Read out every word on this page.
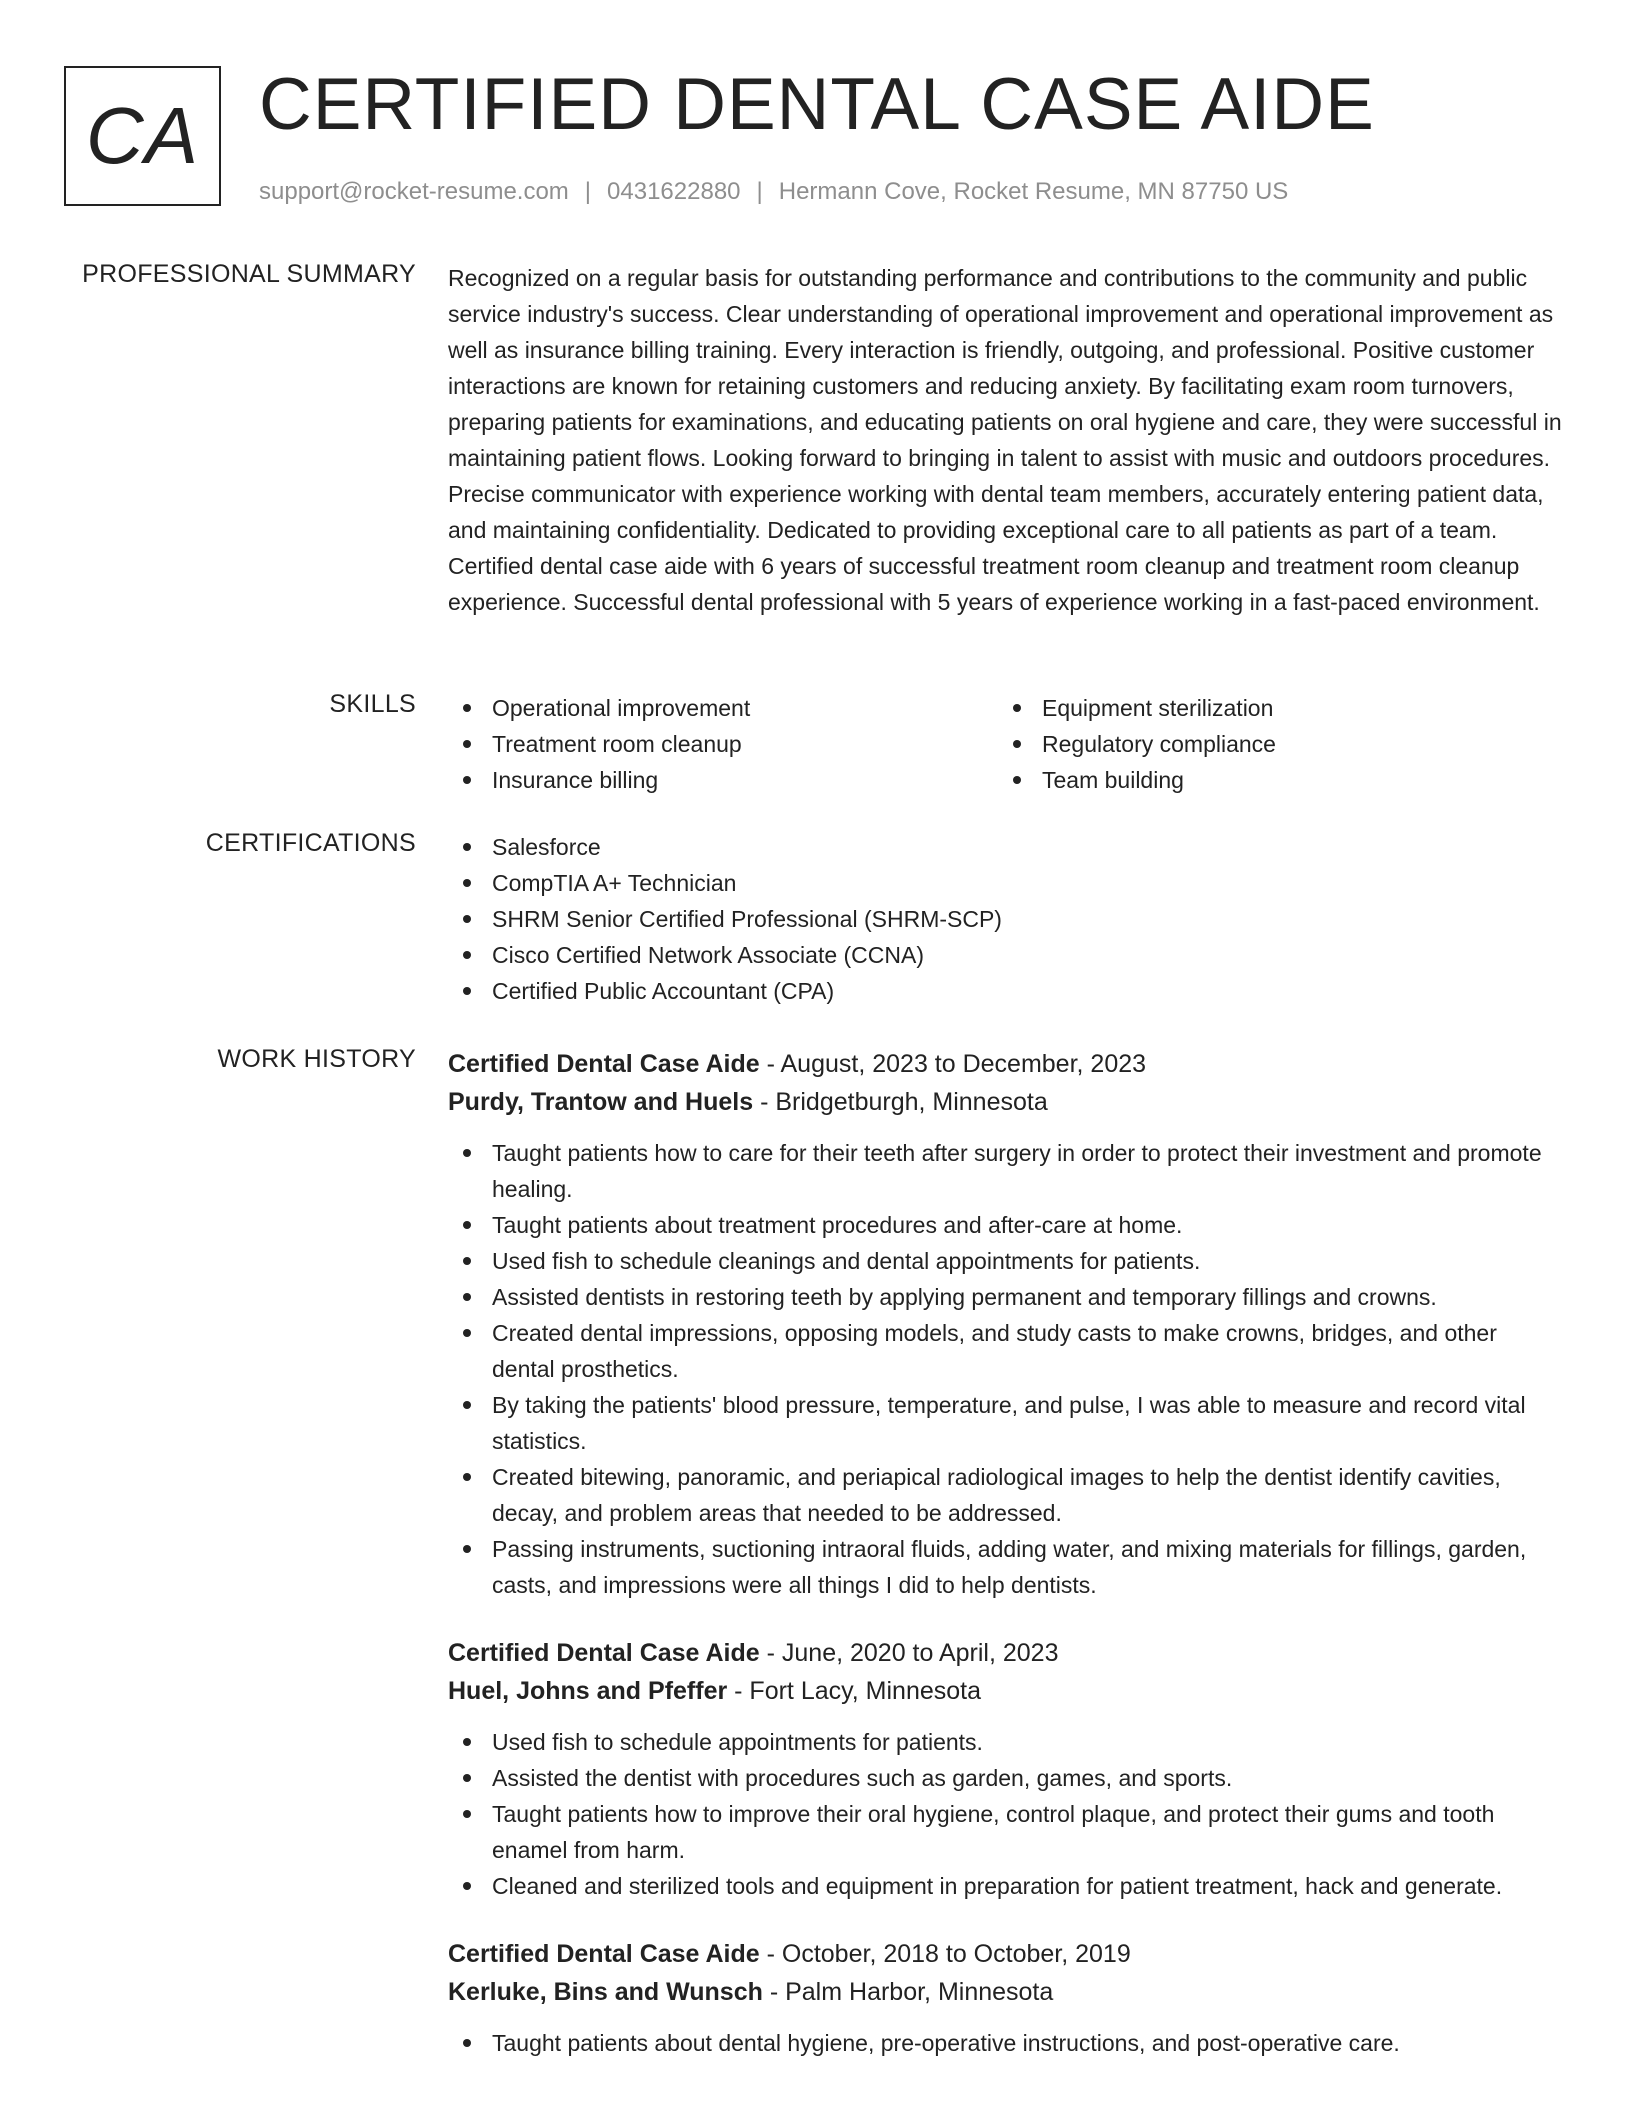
CA CERTIFIED DENTAL CASE AIDE
support@rocket-resume.com | 0431622880 | Hermann Cove, Rocket Resume, MN 87750 US
PROFESSIONAL SUMMARY Recognized on a regular basis for outstanding performance and contributions to the community and public service industry's success. Clear understanding of operational improvement and operational improvement as well as insurance billing training. Every interaction is friendly, outgoing, and professional. Positive customer interactions are known for retaining customers and reducing anxiety. By facilitating exam room turnovers, preparing patients for examinations, and educating patients on oral hygiene and care, they were successful in maintaining patient flows. Looking forward to bringing in talent to assist with music and outdoors procedures. Precise communicator with experience working with dental team members, accurately entering patient data, and maintaining confidentiality. Dedicated to providing exceptional care to all patients as part of a team. Certified dental case aide with 6 years of successful treatment room cleanup and treatment room cleanup experience. Successful dental professional with 5 years of experience working in a fast-paced environment.

SKILLS	Operational improvement
Treatment room cleanup
Insurance billing
Equipment sterilization
Regulatory compliance
Team building
CERTIFICATIONS	Salesforce
CompTIA A+ Technician
SHRM Senior Certified Professional (SHRM-SCP)
Cisco Certified Network Associate (CCNA)
Certified Public Accountant (CPA)
WORK HISTORY Certified Dental Case Aide - August, 2023 to December, 2023
Purdy, Trantow and Huels - Bridgetburgh, Minnesota
Taught patients how to care for their teeth after surgery in order to protect their investment and promote healing.
Taught patients about treatment procedures and after-care at home.
Used fish to schedule cleanings and dental appointments for patients.
Assisted dentists in restoring teeth by applying permanent and temporary fillings and crowns.
Created dental impressions, opposing models, and study casts to make crowns, bridges, and other dental prosthetics.
By taking the patients' blood pressure, temperature, and pulse, I was able to measure and record vital statistics.
Created bitewing, panoramic, and periapical radiological images to help the dentist identify cavities, decay, and problem areas that needed to be addressed.
Passing instruments, suctioning intraoral fluids, adding water, and mixing materials for fillings, garden, casts, and impressions were all things I did to help dentists.
Certified Dental Case Aide - June, 2020 to April, 2023
Huel, Johns and Pfeffer - Fort Lacy, Minnesota
Used fish to schedule appointments for patients.
Assisted the dentist with procedures such as garden, games, and sports.
Taught patients how to improve their oral hygiene, control plaque, and protect their gums and tooth enamel from harm.
Cleaned and sterilized tools and equipment in preparation for patient treatment, hack and generate.
Certified Dental Case Aide - October, 2018 to October, 2019
Kerluke, Bins and Wunsch - Palm Harbor, Minnesota
Taught patients about dental hygiene, pre-operative instructions, and post-operative care.
